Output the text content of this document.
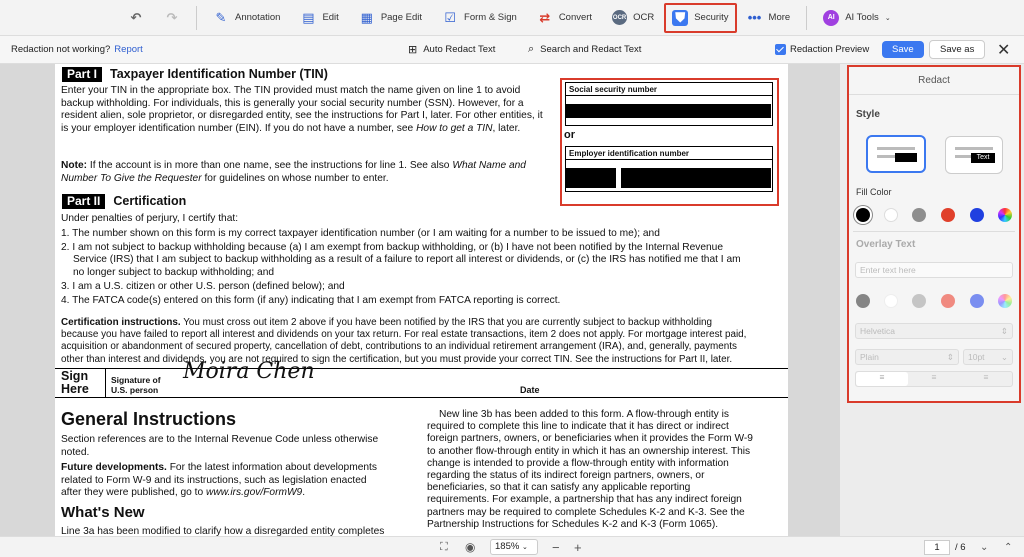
↶ ↷	✎ Annotation ▤ Edit ▦ Page Edit ☑ Form & Sign ⇄ Convert	OCR OCR ⛊ Security ••• More	AI	AI Tools ⌄
Redaction not working? Report	⊞ Auto Redact Text	⌕ Search and Redact Text	Redaction Preview	Save	Save as	✕
Part I	Taxpayer Identification Number (TIN)
Enter your TIN in the appropriate box. The TIN provided must match the name given on line 1 to avoid backup withholding. For individuals, this is generally your social security number (SSN). However, for a resident alien, sole proprietor, or disregarded entity, see the instructions for Part I, later. For other entities, it is your employer identification number (EIN). If you do not have a number, see How to get a TIN, later.
Note: If the account is in more than one name, see the instructions for line 1. See also What Name and Number To Give the Requester for guidelines on whose number to enter.
Social security number
or
Employer identification number
Part II	Certification
Under penalties of perjury, I certify that:
1. The number shown on this form is my correct taxpayer identification number (or I am waiting for a number to be issued to me); and
2. I am not subject to backup withholding because (a) I am exempt from backup withholding, or (b) I have not been notified by the Internal Revenue
Service (IRS) that I am subject to backup withholding as a result of a failure to report all interest or dividends, or (c) the IRS has notified me that I am
no longer subject to backup withholding; and
3. I am a U.S. citizen or other U.S. person (defined below); and
4. The FATCA code(s) entered on this form (if any) indicating that I am exempt from FATCA reporting is correct.
Certification instructions. You must cross out item 2 above if you have been notified by the IRS that you are currently subject to backup withholding
because you have failed to report all interest and dividends on your tax return. For real estate transactions, item 2 does not apply. For mortgage interest paid,
acquisition or abandonment of secured property, cancellation of debt, contributions to an individual retirement arrangement (IRA), and, generally, payments
other than interest and dividends, you are not required to sign the certification, but you must provide your correct TIN. See the instructions for Part II, later.
Sign
Here
Signature of
U.S. person
Moira Chen
Date
General Instructions
Section references are to the Internal Revenue Code unless otherwise
noted.
Future developments. For the latest information about developments
related to Form W-9 and its instructions, such as legislation enacted
after they were published, go to www.irs.gov/FormW9.
What's New
Line 3a has been modified to clarify how a disregarded entity completes
New line 3b has been added to this form. A flow-through entity is
required to complete this line to indicate that it has direct or indirect
foreign partners, owners, or beneficiaries when it provides the Form W-9
to another flow-through entity in which it has an ownership interest. This
change is intended to provide a flow-through entity with information
regarding the status of its indirect foreign partners, owners, or
beneficiaries, so that it can satisfy any applicable reporting
requirements. For example, a partnership that has any indirect foreign
partners may be required to complete Schedules K-2 and K-3. See the
Partnership Instructions for Schedules K-2 and K-3 (Form 1065).
Redact
Style
Text
Fill Color
Overlay Text
Enter text here
Helvetica	⇕
Plain	⇕	10pt ⌄
≡	≡	≡
⛶ ◉	185% ⌄	− +	1	/ 6 ⌄ ⌃
